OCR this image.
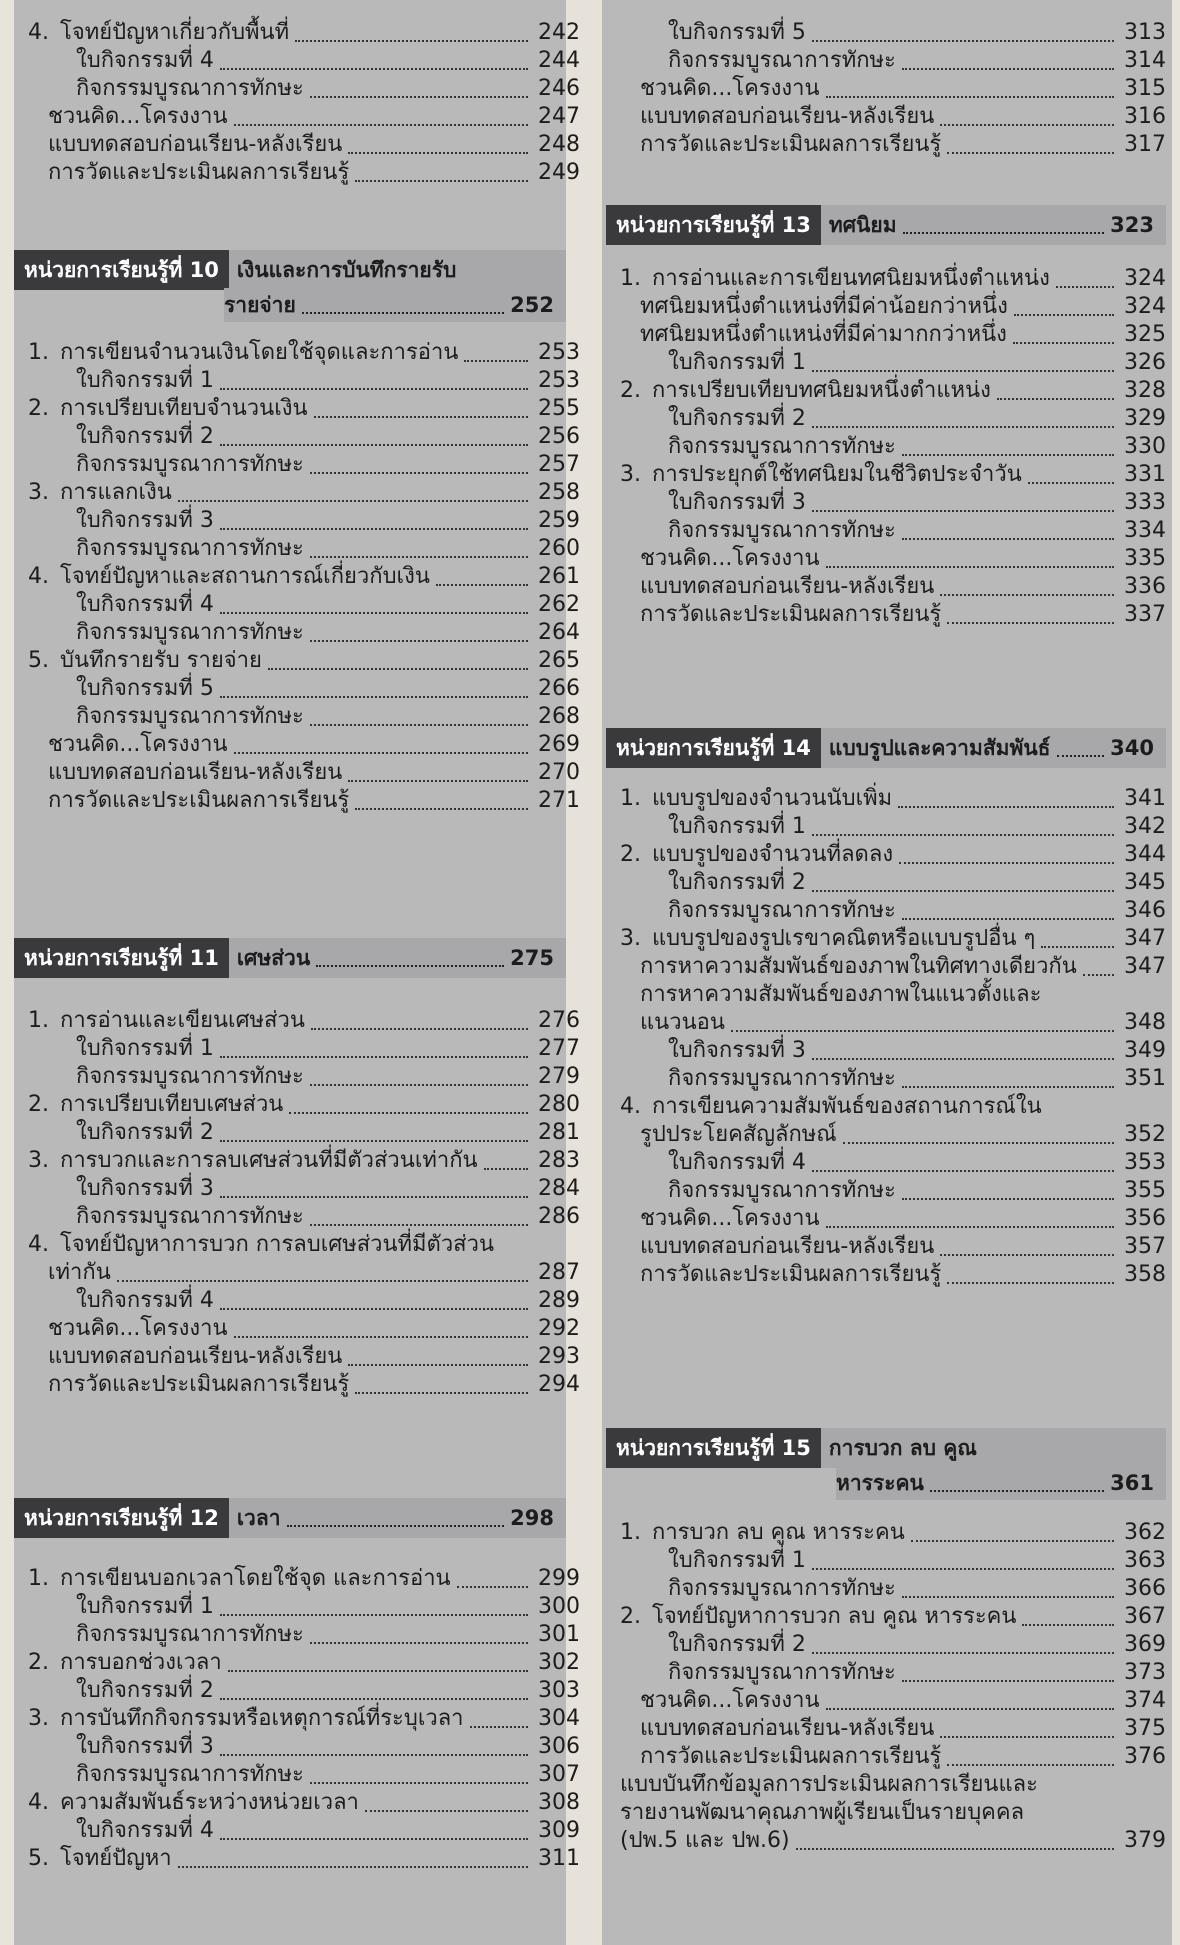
4. โจทย์ปัญหาเกี่ยวกับพื้นที่	242
ใบกิจกรรมที่ 4	244
กิจกรรมบูรณาการทักษะ	246
ชวนคิด...โครงงาน	247
แบบทดสอบก่อนเรียน-หลังเรียน	248
การวัดและประเมินผลการเรียนรู้	249
หน่วยการเรียนรู้ที่ 10 เงินและการบันทึกรายรับ
รายจ่าย	252
1. การเขียนจำนวนเงินโดยใช้จุดและการอ่าน	253
ใบกิจกรรมที่ 1	253
2. การเปรียบเทียบจำนวนเงิน	255
ใบกิจกรรมที่ 2	256
กิจกรรมบูรณาการทักษะ	257
3. การแลกเงิน	258
ใบกิจกรรมที่ 3	259
กิจกรรมบูรณาการทักษะ	260
4. โจทย์ปัญหาและสถานการณ์เกี่ยวกับเงิน	261
ใบกิจกรรมที่ 4	262
กิจกรรมบูรณาการทักษะ	264
5. บันทึกรายรับ รายจ่าย	265
ใบกิจกรรมที่ 5	266
กิจกรรมบูรณาการทักษะ	268
ชวนคิด...โครงงาน	269
แบบทดสอบก่อนเรียน-หลังเรียน	270
การวัดและประเมินผลการเรียนรู้	271
หน่วยการเรียนรู้ที่ 11 เศษส่วน	275
1. การอ่านและเขียนเศษส่วน	276
ใบกิจกรรมที่ 1	277
กิจกรรมบูรณาการทักษะ	279
2. การเปรียบเทียบเศษส่วน	280
ใบกิจกรรมที่ 2	281
3. การบวกและการลบเศษส่วนที่มีตัวส่วนเท่ากัน	283
ใบกิจกรรมที่ 3	284
กิจกรรมบูรณาการทักษะ	286
4. โจทย์ปัญหาการบวก การลบเศษส่วนที่มีตัวส่วน
เท่ากัน	287
ใบกิจกรรมที่ 4	289
ชวนคิด...โครงงาน	292
แบบทดสอบก่อนเรียน-หลังเรียน	293
การวัดและประเมินผลการเรียนรู้	294
หน่วยการเรียนรู้ที่ 12 เวลา	298
1. การเขียนบอกเวลาโดยใช้จุด และการอ่าน	299
ใบกิจกรรมที่ 1	300
กิจกรรมบูรณาการทักษะ	301
2. การบอกช่วงเวลา	302
ใบกิจกรรมที่ 2	303
3. การบันทึกกิจกรรมหรือเหตุการณ์ที่ระบุเวลา	304
ใบกิจกรรมที่ 3	306
กิจกรรมบูรณาการทักษะ	307
4. ความสัมพันธ์ระหว่างหน่วยเวลา	308
ใบกิจกรรมที่ 4	309
5. โจทย์ปัญหา	311
ใบกิจกรรมที่ 5	313
กิจกรรมบูรณาการทักษะ	314
ชวนคิด...โครงงาน	315
แบบทดสอบก่อนเรียน-หลังเรียน	316
การวัดและประเมินผลการเรียนรู้	317
หน่วยการเรียนรู้ที่ 13 ทศนิยม	323
1. การอ่านและการเขียนทศนิยมหนึ่งตำแหน่ง	324
ทศนิยมหนึ่งตำแหน่งที่มีค่าน้อยกว่าหนึ่ง	324
ทศนิยมหนึ่งตำแหน่งที่มีค่ามากกว่าหนึ่ง	325
ใบกิจกรรมที่ 1	326
2. การเปรียบเทียบทศนิยมหนึ่งตำแหน่ง	328
ใบกิจกรรมที่ 2	329
กิจกรรมบูรณาการทักษะ	330
3. การประยุกต์ใช้ทศนิยมในชีวิตประจำวัน	331
ใบกิจกรรมที่ 3	333
กิจกรรมบูรณาการทักษะ	334
ชวนคิด...โครงงาน	335
แบบทดสอบก่อนเรียน-หลังเรียน	336
การวัดและประเมินผลการเรียนรู้	337
หน่วยการเรียนรู้ที่ 14 แบบรูปและความสัมพันธ์	340
1. แบบรูปของจำนวนนับเพิ่ม	341
ใบกิจกรรมที่ 1	342
2. แบบรูปของจำนวนที่ลดลง	344
ใบกิจกรรมที่ 2	345
กิจกรรมบูรณาการทักษะ	346
3. แบบรูปของรูปเรขาคณิตหรือแบบรูปอื่น ๆ	347
การหาความสัมพันธ์ของภาพในทิศทางเดียวกัน 347
การหาความสัมพันธ์ของภาพในแนวตั้งและ
แนวนอน	348
ใบกิจกรรมที่ 3	349
กิจกรรมบูรณาการทักษะ	351
4. การเขียนความสัมพันธ์ของสถานการณ์ใน
รูปประโยคสัญลักษณ์	352
ใบกิจกรรมที่ 4	353
กิจกรรมบูรณาการทักษะ	355
ชวนคิด...โครงงาน	356
แบบทดสอบก่อนเรียน-หลังเรียน	357
การวัดและประเมินผลการเรียนรู้	358
หน่วยการเรียนรู้ที่ 15 การบวก ลบ คูณ
หารระคน	361
1. การบวก ลบ คูณ หารระคน	362
ใบกิจกรรมที่ 1	363
กิจกรรมบูรณาการทักษะ	366
2. โจทย์ปัญหาการบวก ลบ คูณ หารระคน	367
ใบกิจกรรมที่ 2	369
กิจกรรมบูรณาการทักษะ	373
ชวนคิด...โครงงาน	374
แบบทดสอบก่อนเรียน-หลังเรียน	375
การวัดและประเมินผลการเรียนรู้	376
แบบบันทึกข้อมูลการประเมินผลการเรียนและ
รายงานพัฒนาคุณภาพผู้เรียนเป็นรายบุคคล
(ปพ.5 และ ปพ.6)	379
